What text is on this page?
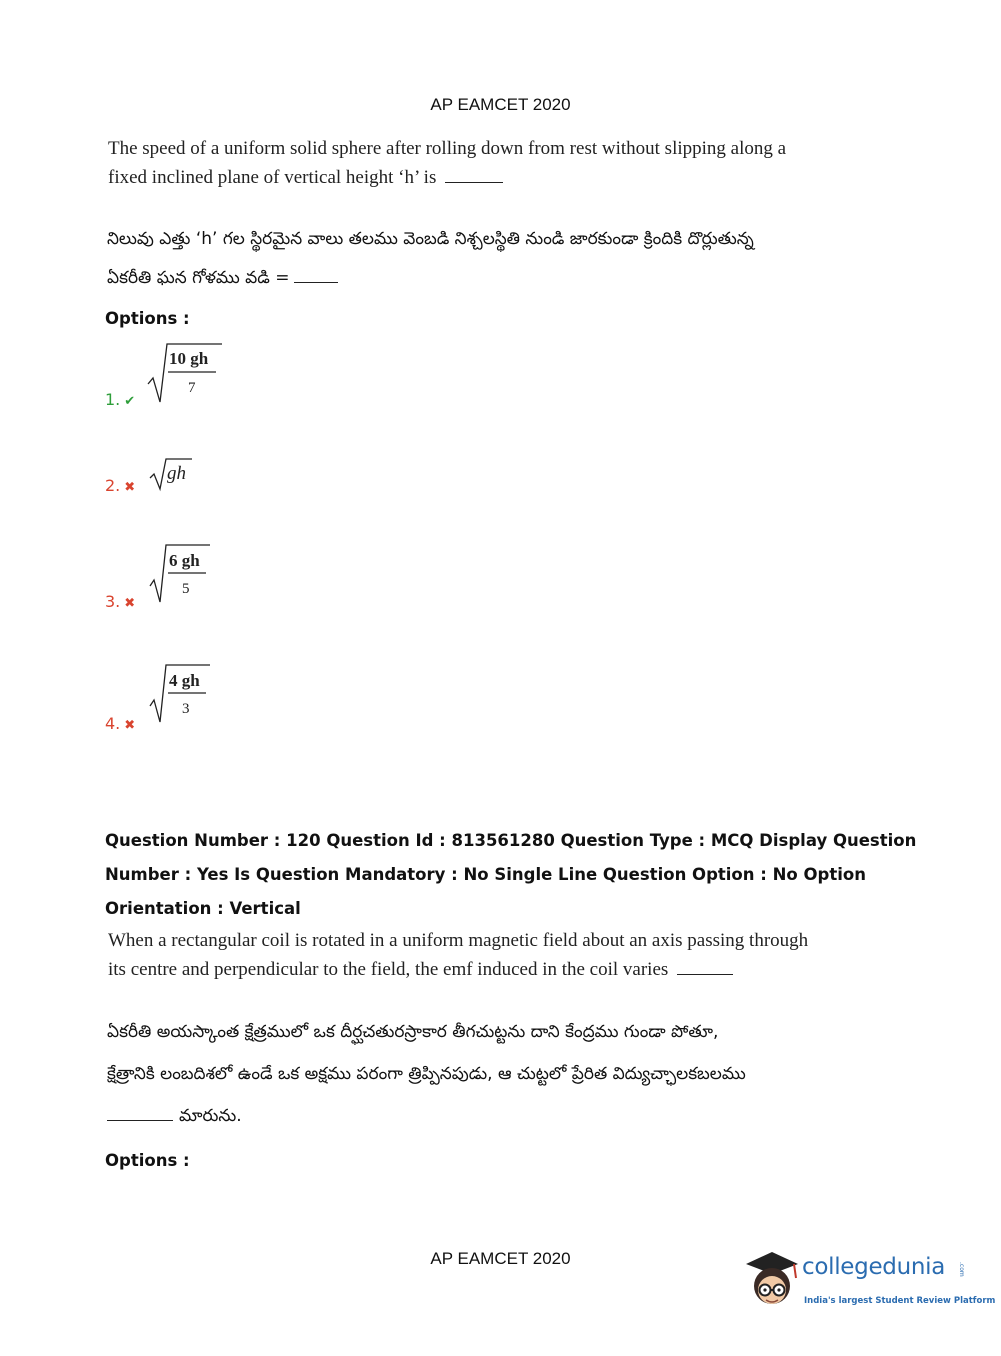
AP EAMCET 2020
The speed of a uniform solid sphere after rolling down from rest without slipping along a
fixed inclined plane of vertical height ‘h’ is
నిలువు ఎత్తు ‘h’ గల స్థిరమైన వాలు తలము వెంబడి నిశ్చలస్థితి నుండి జారకుండా క్రిందికి దొర్లుతున్న
ఏకరీతి ఘన గోళము వడి =
Options :
1. ✔
10 gh
7
2. ✖
gh
3. ✖
6 gh
5
4. ✖
4 gh
3
Question Number : 120 Question Id : 813561280 Question Type : MCQ Display Question
Number : Yes Is Question Mandatory : No Single Line Question Option : No Option
Orientation : Vertical
When a rectangular coil is rotated in a uniform magnetic field about an axis passing through
its centre and perpendicular to the field, the emf induced in the coil varies
ఏకరీతి అయస్కాంత క్షేత్రములో ఒక దీర్ఘచతురస్రాకార తీగచుట్టను దాని కేంద్రము గుండా పోతూ,
క్షేత్రానికి లంబదిశలో ఉండే ఒక అక్షము పరంగా త్రిప్పినపుడు, ఆ చుట్టలో ప్రేరిత విద్యుచ్ఛాలకబలము
మారును.
Options :
AP EAMCET 2020	collegedunia .com
India's largest Student Review Platform
